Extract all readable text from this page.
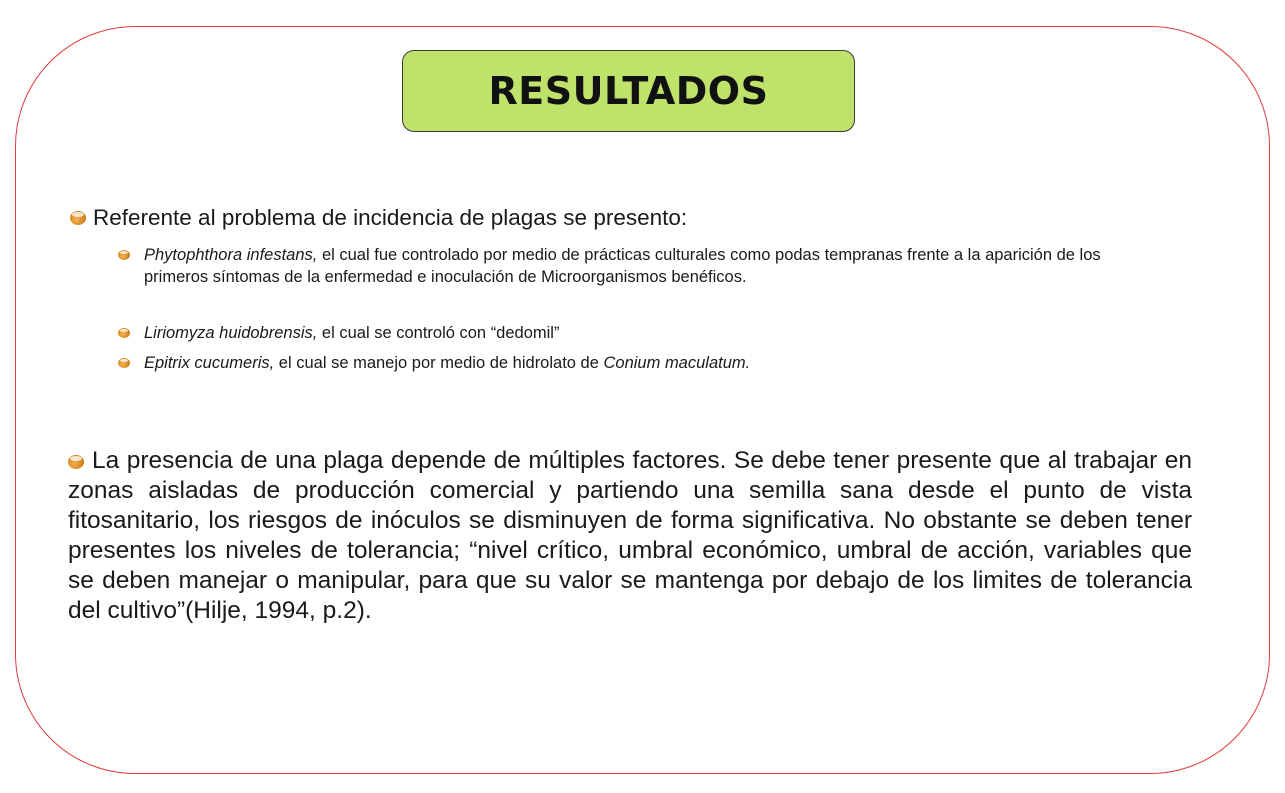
RESULTADOS
Referente al problema de incidencia de plagas se presento:
Phytophthora infestans, el cual fue controlado por medio de prácticas culturales como podas tempranas frente a la aparición de los primeros síntomas de la enfermedad e inoculación de Microorganismos benéficos.
Liriomyza huidobrensis, el cual se controló con “dedomil”
Epitrix cucumeris, el cual se manejo por medio de hidrolato de Conium maculatum.
La presencia de una plaga depende de múltiples factores. Se debe tener presente que al trabajar en zonas aisladas de producción comercial y partiendo una semilla sana desde el punto de vista fitosanitario, los riesgos de inóculos se disminuyen de forma significativa. No obstante se deben tener presentes los niveles de tolerancia; “nivel crítico, umbral económico, umbral de acción, variables que se deben manejar o manipular, para que su valor se mantenga por debajo de los limites de tolerancia del cultivo”(Hilje, 1994, p.2).
